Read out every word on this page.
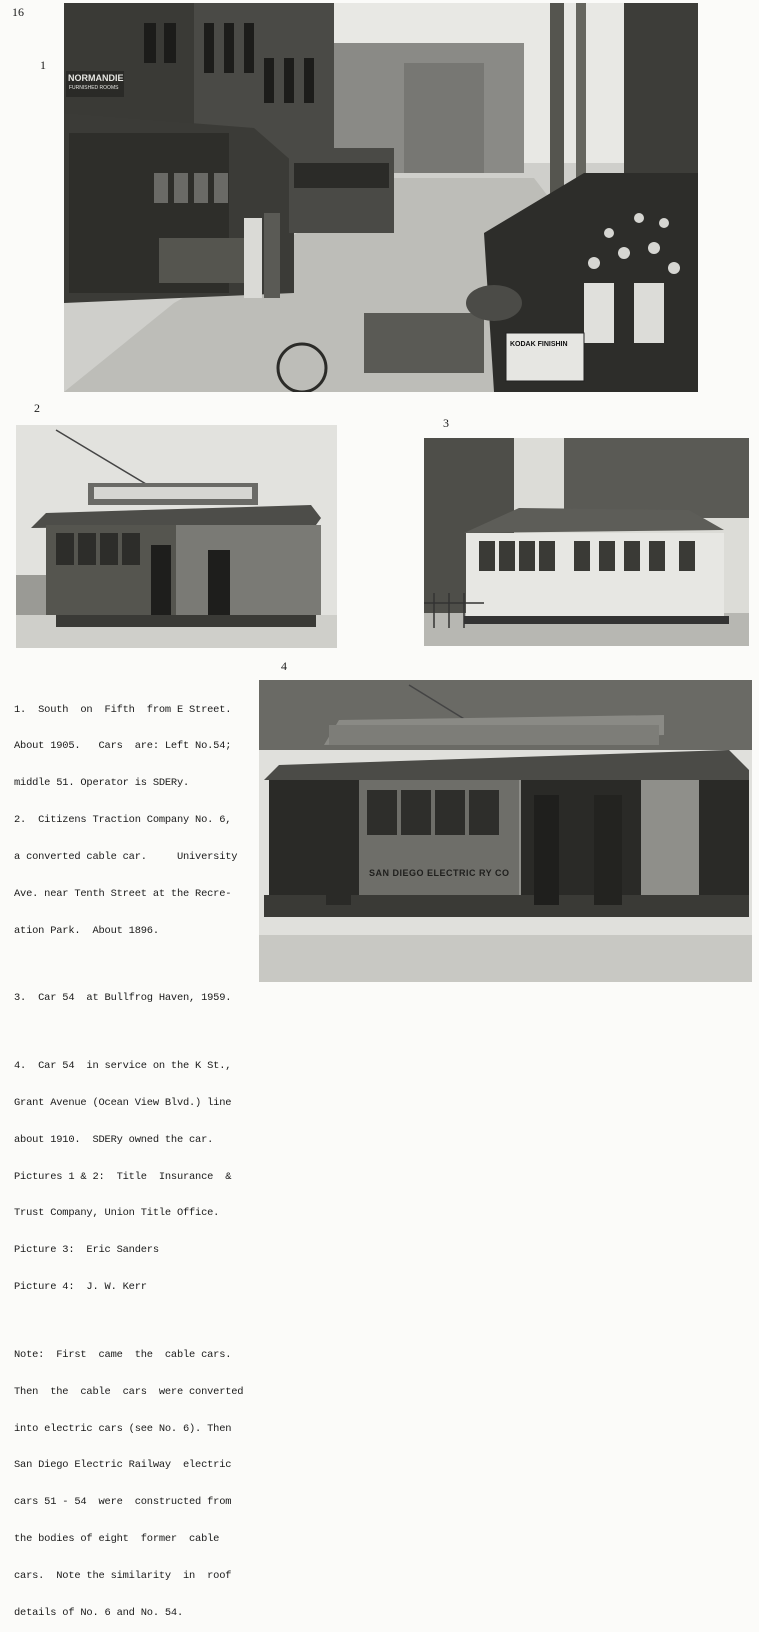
16
1
2
3
4
NORMANDIE
FURNISHED ROOMS
KODAK FINISHIN
SAN DIEGO ELECTRIC RY CO

1.  South  on  Fifth  from E Street.

About 1905.   Cars  are: Left No.54;

middle 51. Operator is SDERy.

2.  Citizens Traction Company No. 6,

a converted cable car.     University

Ave. near Tenth Street at the Recre-

ation Park.  About 1896.

3.  Car 54  at Bullfrog Haven, 1959.

4.  Car 54  in service on the K St.,

Grant Avenue (Ocean View Blvd.) line

about 1910.  SDERy owned the car.

Pictures 1 & 2:  Title  Insurance  &

Trust Company, Union Title Office.

Picture 3:  Eric Sanders

Picture 4:  J. W. Kerr

Note:  First  came  the  cable cars.

Then  the  cable  cars  were converted

into electric cars (see No. 6). Then

San Diego Electric Railway  electric

cars 51 - 54  were  constructed from

the bodies of eight  former  cable

cars.  Note the similarity  in  roof

details of No. 6 and No. 54.
